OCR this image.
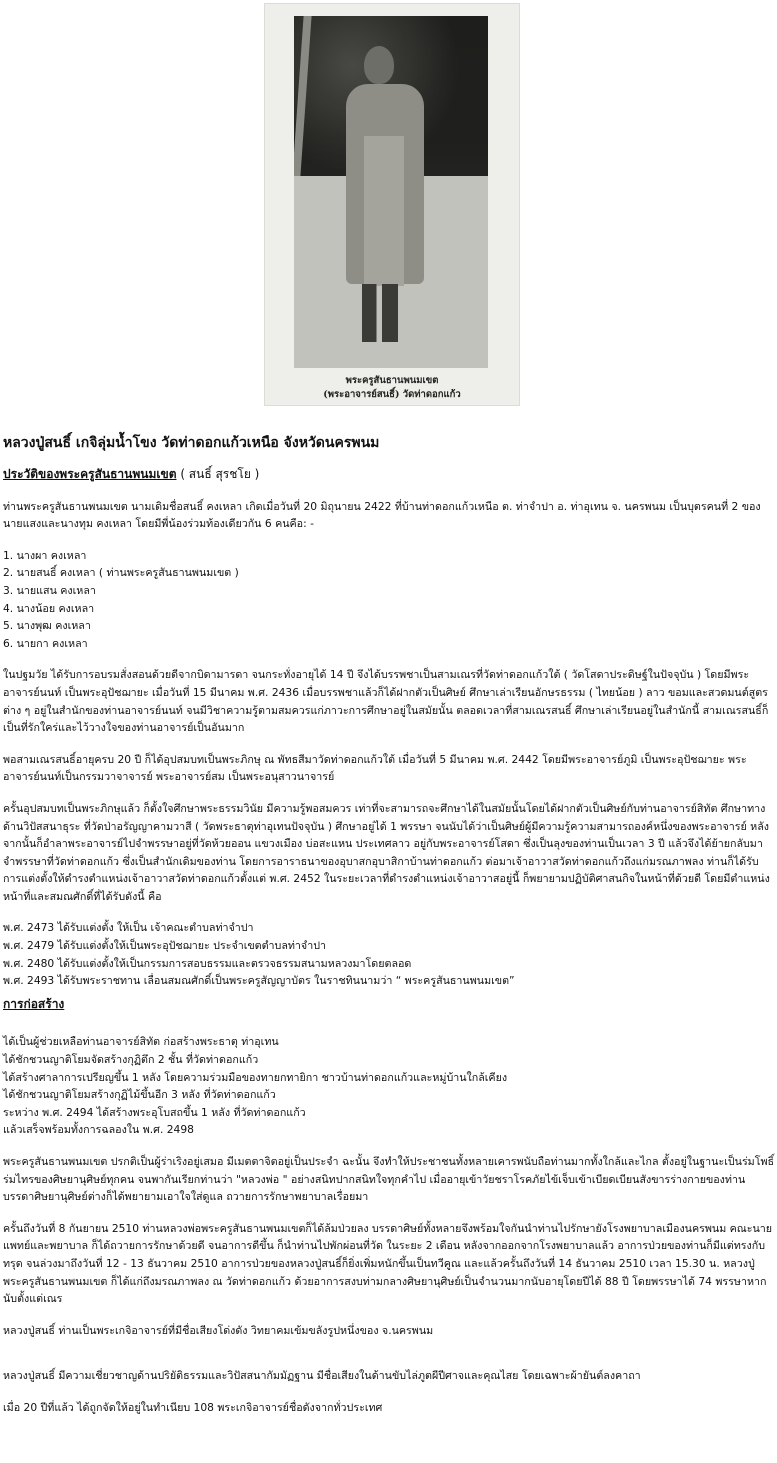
พระครูสันธานพนมเขต
(พระอาจารย์สนธิ์) วัดท่าดอกแก้ว
หลวงปู่สนธิ์ เกจิลุ่มน้ำโขง วัดท่าดอกแก้วเหนือ จังหวัดนครพนม
ประวัติของพระครูสันธานพนมเขต ( สนธิ์ สุรชโย )

ท่านพระครูสันธานพนมเขต นามเดิมชื่อสนธิ์ คงเหลา เกิดเมื่อวันที่ 20 มิถุนายน 2422 ที่บ้านท่าดอกแก้วเหนือ ต. ท่าจำปา อ. ท่าอุเทน จ. นครพนม เป็นบุตรคนที่ 2 ของนายแสงและนางทุม คงเหลา โดยมีพี่น้องร่วมท้องเดียวกัน 6 คนคือ: -

1. นางผา คงเหลา
2. นายสนธิ์ คงเหลา ( ท่านพระครูสันธานพนมเขต )
3. นายแสน คงเหลา
4. นางน้อย คงเหลา
5. นางพุฒ คงเหลา
6. นายกา คงเหลา

ในปฐมวัย ได้รับการอบรมสั่งสอนด้วยดีจากบิดามารดา จนกระทั่งอายุได้ 14 ปี จึงได้บรรพชาเป็นสามเณรที่วัดท่าดอกแก้วใต้ ( วัดโสดาประดิษฐ์ในปัจจุบัน ) โดยมีพระอาจารย์นนท์ เป็นพระอุปัชฌายะ เมื่อวันที่ 15 มีนาคม พ.ศ. 2436 เมื่อบรรพชาแล้วก็ได้ฝากตัวเป็นศิษย์ ศึกษาเล่าเรียนอักษรธรรม ( ไทยน้อย ) ลาว ขอมและสวดมนต์สูตรต่าง ๆ อยู่ในสำนักของท่านอาจารย์นนท์ จนมีวิชาความรู้ตามสมควรแก่ภาวะการศึกษาอยู่ในสมัยนั้น ตลอดเวลาที่สามเณรสนธิ์ ศึกษาเล่าเรียนอยู่ในสำนักนี้ สามเณรสนธิ์ก็เป็นที่รักใคร่และไว้วางใจของท่านอาจารย์เป็นอันมาก

พอสามเณรสนธิ์อายุครบ 20 ปี ก็ได้อุปสมบทเป็นพระภิกษุ ณ พัทธสีมาวัดท่าดอกแก้วใต้ เมื่อวันที่ 5 มีนาคม พ.ศ. 2442 โดยมีพระอาจารย์ภูมิ เป็นพระอุปัชฌายะ พระอาจารย์นนท์เป็นกรรมวาจาจารย์ พระอาจารย์สม เป็นพระอนุสาวนาจารย์

ครั้นอุปสมบทเป็นพระภิกษุแล้ว ก็ตั้งใจศึกษาพระธรรมวินัย มีความรู้พอสมควร เท่าที่จะสามารถจะศึกษาได้ในสมัยนั้นโดยได้ฝากตัวเป็นศิษย์กับท่านอาจารย์สิทัต ศึกษาทางด้านวิปัสสนาธุระ ที่วัดป่าอรัญญาคามวาสี ( วัดพระธาตุท่าอุเทนปัจจุบัน ) ศึกษาอยู่ได้ 1 พรรษา จนนับได้ว่าเป็นศิษย์ผู้มีความรู้ความสามารถองค์หนึ่งของพระอาจารย์ หลังจากนั้นก็อำลาพระอาจารย์ไปจำพรรษาอยู่ที่วัดห้วยออน แขวงเมือง บ่อสะแหน ประเทศลาว อยู่กับพระอาจารย์โสดา ซึ่งเป็นลุงของท่านเป็นเวลา 3 ปี แล้วจึงได้ย้ายกลับมาจำพรรษาที่วัดท่าดอกแก้ว ซึ่งเป็นสำนักเดิมของท่าน โดยการอาราธนาของอุบาสกอุบาสิกาบ้านท่าดอกแก้ว ต่อมาเจ้าอาวาสวัดท่าดอกแก้วถึงแก่มรณภาพลง ท่านก็ได้รับการแต่งตั้งให้ดำรงตำแหน่งเจ้าอาวาสวัดท่าดอกแก้วตั้งแต่ พ.ศ. 2452 ในระยะเวลาที่ดำรงตำแหน่งเจ้าอาวาสอยู่นี้ ก็พยายามปฏิบัติศาสนกิจในหน้าที่ด้วยดี โดยมีตำแหน่งหน้าที่และสมณศักดิ์ที่ได้รับดังนี้ คือ

พ.ศ. 2473 ได้รับแต่งตั้ง ให้เป็น เจ้าคณะตำบลท่าจำปา
พ.ศ. 2479 ได้รับแต่งตั้งให้เป็นพระอุปัชฌายะ ประจำเขตตำบลท่าจำปา
พ.ศ. 2480 ได้รับแต่งตั้งให้เป็นกรรมการสอบธรรมและตรวจธรรมสนามหลวงมาโดยตลอด
พ.ศ. 2493 ได้รับพระราชทาน เลื่อนสมณศักดิ์เป็นพระครูสัญญาบัตร ในราชทินนามว่า “ พระครูสันธานพนมเขต”
การก่อสร้าง
ได้เป็นผู้ช่วยเหลือท่านอาจารย์สิทัต ก่อสร้างพระธาตุ ท่าอุเทน
ได้ชักชวนญาติโยมจัดสร้างกุฏิตึก 2 ชั้น ที่วัดท่าดอกแก้ว
ได้สร้างศาลาการเปรียญขึ้น 1 หลัง โดยความร่วมมือของทายกทายิกา ชาวบ้านท่าดอกแก้วและหมู่บ้านใกล้เคียง
ได้ชักชวนญาติโยมสร้างกุฏิไม้ขึ้นอีก 3 หลัง ที่วัดท่าดอกแก้ว
ระหว่าง พ.ศ. 2494 ได้สร้างพระอุโบสถขึ้น 1 หลัง ที่วัดท่าดอกแก้ว
แล้วเสร็จพร้อมทั้งการฉลองใน พ.ศ. 2498

พระครูสันธานพนมเขต ปรกติเป็นผู้ร่าเริงอยู่เสมอ มีเมตตาจิตอยู่เป็นประจำ ฉะนั้น จึงทำให้ประชาชนทั้งหลายเคารพนับถือท่านมากทั้งใกล้และไกล ตั้งอยู่ในฐานะเป็นร่มโพธิ์ร่มไทรของศิษยานุศิษย์ทุกคน จนพากันเรียกท่านว่า "หลวงพ่อ " อย่างสนิทปากสนิทใจทุกคำไป เมื่ออายุเข้าวัยชราโรคภัยไข้เจ็บเข้าเบียดเบียนสังขารร่างกายของท่าน บรรดาศิษยานุศิษย์ต่างก็ได้พยายามเอาใจใส่ดูแล ถวายการรักษาพยาบาลเรื่อยมา

ครั้นถึงวันที่ 8 กันยายน 2510 ท่านหลวงพ่อพระครูสันธานพนมเขตก็ได้ล้มป่วยลง บรรดาศิษย์ทั้งหลายจึงพร้อมใจกันนำท่านไปรักษายังโรงพยาบาลเมืองนครพนม คณะนายแพทย์และพยาบาล ก็ได้ถวายการรักษาด้วยดี จนอาการดีขึ้น ก็นำท่านไปพักผ่อนที่วัด ในระยะ 2 เดือน หลังจากออกจากโรงพยาบาลแล้ว อาการป่วยของท่านก็มีแต่ทรงกับทรุด จนล่วงมาถึงวันที่ 12 - 13 ธันวาคม 2510 อาการป่วยของหลวงปู่สนธิ์ก็ยิ่งเพิ่มหนักขึ้นเป็นทวีคูณ และแล้วครั้นถึงวันที่ 14 ธันวาคม 2510 เวลา 15.30 น. หลวงปู่พระครูสันธานพนมเขต ก็ได้แก่ถึงมรณภาพลง ณ วัดท่าดอกแก้ว ด้วยอาการสงบท่ามกลางศิษยานุศิษย์เป็นจำนวนมากนับอายุโดยปีได้ 88 ปี โดยพรรษาได้ 74 พรรษาหากนับตั้งแต่เณร

หลวงปู่สนธิ์ ท่านเป็นพระเกจิอาจารย์ที่มีชื่อเสียงโด่งดัง วิทยาคมเข้มขลังรูปหนึ่งของ จ.นครพนม

หลวงปู่สนธิ์ มีความเชี่ยวชาญด้านปริยัติธรรมและวิปัสสนากัมมัฏฐาน มีชื่อเสียงในด้านขับไล่ภูตผีปีศาจและคุณไสย โดยเฉพาะผ้ายันต์ลงคาถา

เมื่อ 20 ปีที่แล้ว ได้ถูกจัดให้อยู่ในทำเนียบ 108 พระเกจิอาจารย์ชื่อดังจากทั่วประเทศ
